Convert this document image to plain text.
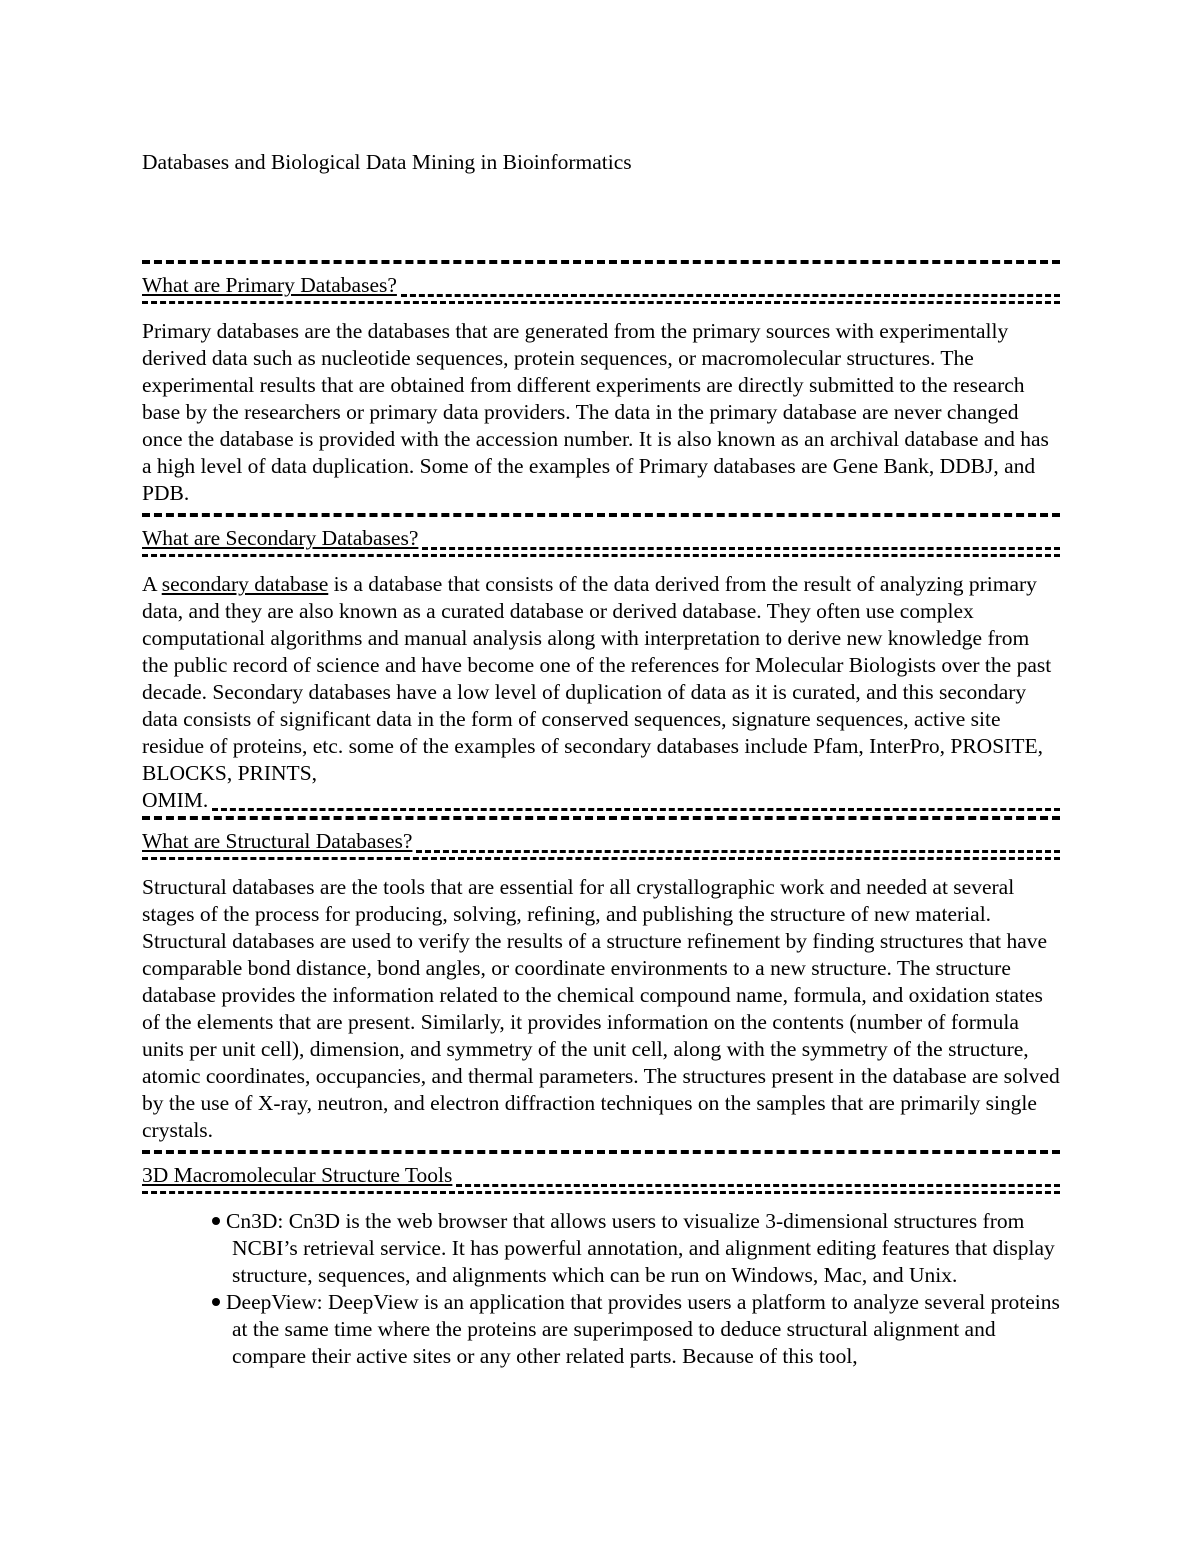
Databases and Biological Data Mining in Bioinformatics
What are Primary Databases?

Primary databases are the databases that are generated from the primary sources with experimentally derived data such as nucleotide sequences, protein sequences, or macromolecular structures. The experimental results that are obtained from different experiments are directly submitted to the research base by the researchers or primary data providers. The data in the primary database are never changed once the database is provided with the accession number. It is also known as an archival database and has a high level of data duplication. Some of the examples of Primary databases are Gene Bank, DDBJ, and PDB.

What are Secondary Databases?

A secondary database is a database that consists of the data derived from the result of analyzing primary data, and they are also known as a curated database or derived database. They often use complex computational algorithms and manual analysis along with interpretation to derive new knowledge from the public record of science and have become one of the references for Molecular Biologists over the past decade. Secondary databases have a low level of duplication of data as it is curated, and this secondary data consists of significant data in the form of conserved sequences, signature sequences, active site residue of proteins, etc. some of the examples of secondary databases include Pfam, InterPro, PROSITE, BLOCKS, PRINTS,

OMIM.
What are Structural Databases?

Structural databases are the tools that are essential for all crystallographic work and needed at several stages of the process for producing, solving, refining, and publishing the structure of new material. Structural databases are used to verify the results of a structure refinement by finding structures that have comparable bond distance, bond angles, or coordinate environments to a new structure. The structure database provides the information related to the chemical compound name, formula, and oxidation states of the elements that are present. Similarly, it provides information on the contents (number of formula units per unit cell), dimension, and symmetry of the unit cell, along with the symmetry of the structure, atomic coordinates, occupancies, and thermal parameters. The structures present in the database are solved by the use of X-ray, neutron, and electron diffraction techniques on the samples that are primarily single crystals.

3D Macromolecular Structure Tools
Cn3D: Cn3D is the web browser that allows users to visualize 3-dimensional structures from NCBI’s retrieval service. It has powerful annotation, and alignment editing features that display structure, sequences, and alignments which can be run on Windows, Mac, and Unix.
DeepView: DeepView is an application that provides users a platform to analyze several proteins at the same time where the proteins are superimposed to deduce structural alignment and compare their active sites or any other related parts. Because of this tool,
